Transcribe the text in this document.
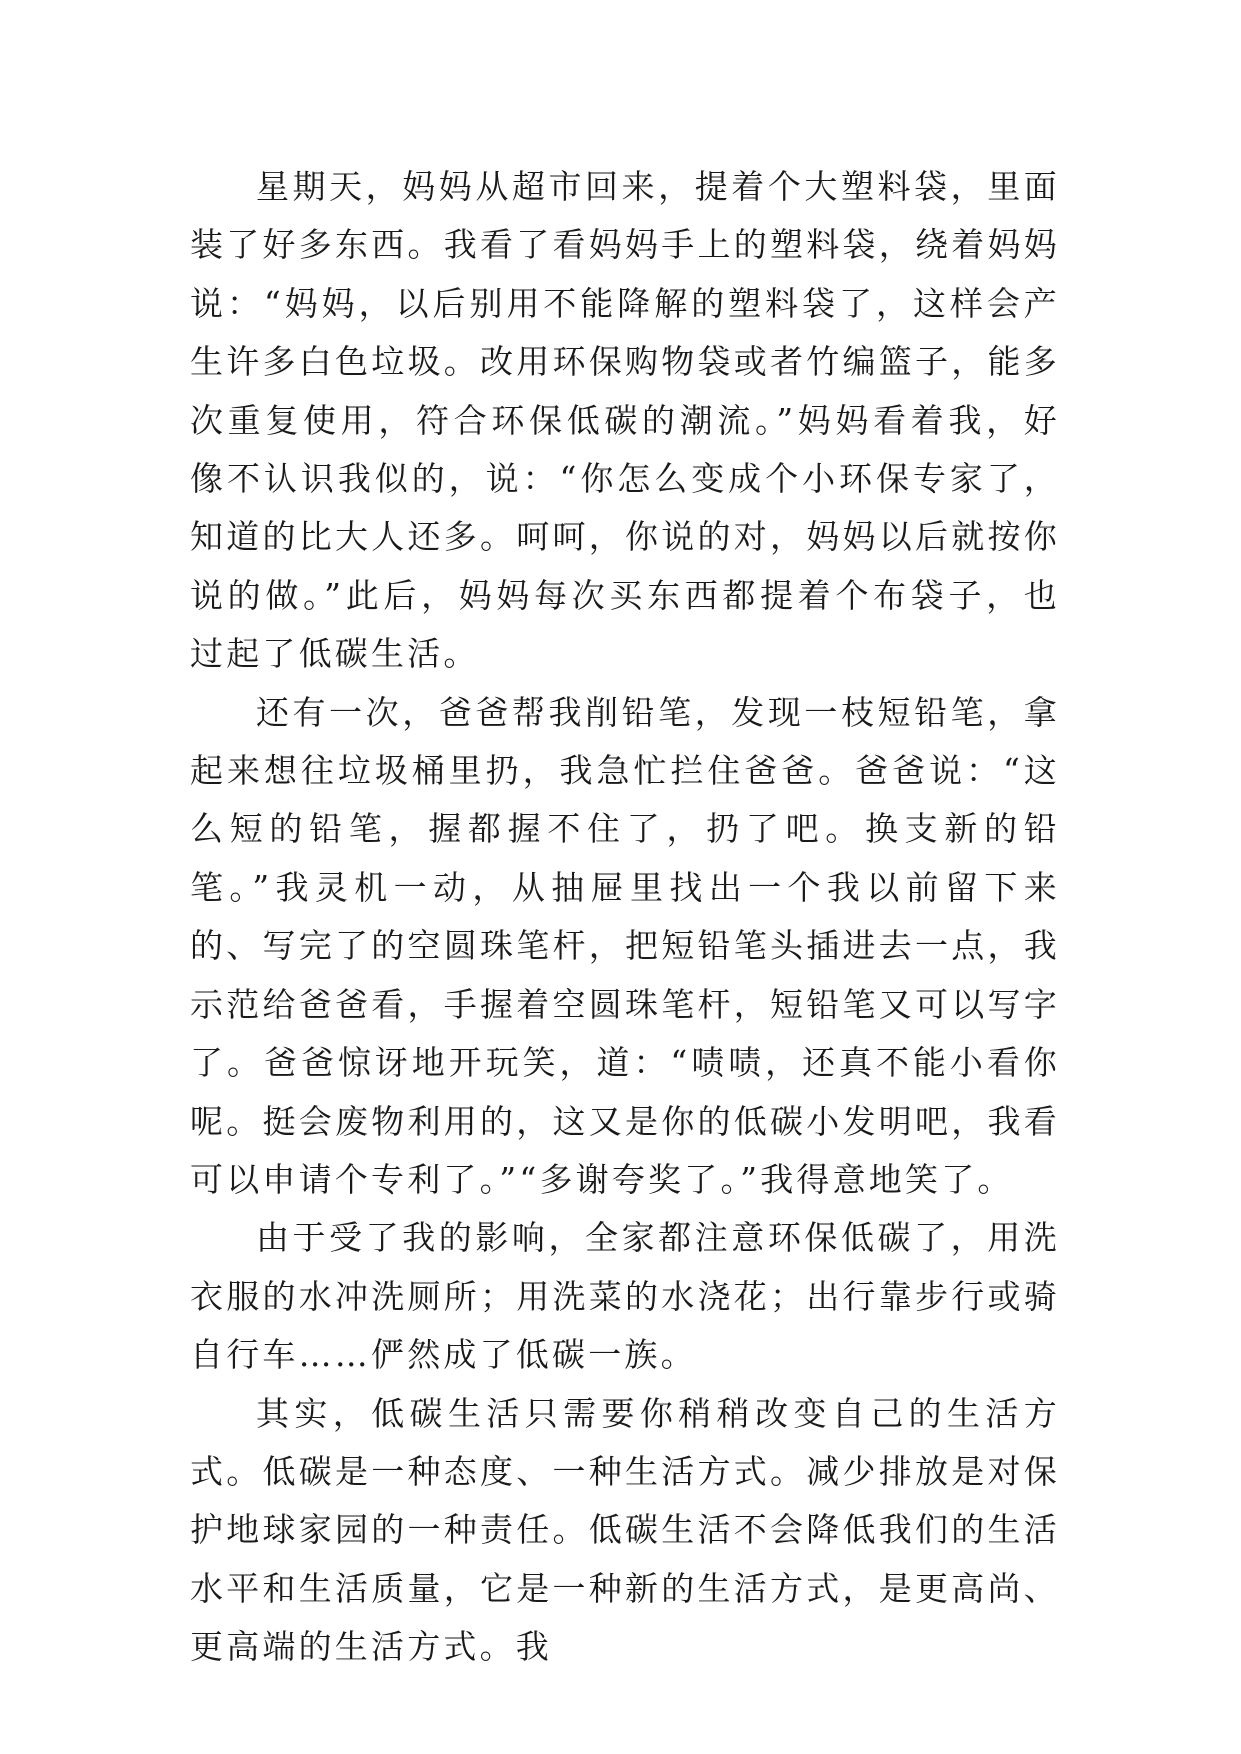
星期天，妈妈从超市回来，提着个大塑料袋，里面装了好多东西。我看了看妈妈手上的塑料袋，绕着妈妈说：“妈妈，以后别用不能降解的塑料袋了，这样会产生许多白色垃圾。改用环保购物袋或者竹编篮子，能多次重复使用，符合环保低碳的潮流。”妈妈看着我，好像不认识我似的，说：“你怎么变成个小环保专家了，知道的比大人还多。呵呵，你说的对，妈妈以后就按你说的做。”此后，妈妈每次买东西都提着个布袋子，也过起了低碳生活。

还有一次，爸爸帮我削铅笔，发现一枝短铅笔，拿起来想往垃圾桶里扔，我急忙拦住爸爸。爸爸说：“这么短的铅笔，握都握不住了，扔了吧。换支新的铅笔。”我灵机一动，从抽屉里找出一个我以前留下来的、写完了的空圆珠笔杆，把短铅笔头插进去一点，我示范给爸爸看，手握着空圆珠笔杆，短铅笔又可以写字了。爸爸惊讶地开玩笑，道：“啧啧，还真不能小看你呢。挺会废物利用的，这又是你的低碳小发明吧，我看可以申请个专利了。”“多谢夸奖了。”我得意地笑了。

由于受了我的影响，全家都注意环保低碳了，用洗衣服的水冲洗厕所；用洗菜的水浇花；出行靠步行或骑自行车……俨然成了低碳一族。

其实，低碳生活只需要你稍稍改变自己的生活方式。低碳是一种态度、一种生活方式。减少排放是对保护地球家园的一种责任。低碳生活不会降低我们的生活水平和生活质量，它是一种新的生活方式，是更高尚、更高端的生活方式。我
